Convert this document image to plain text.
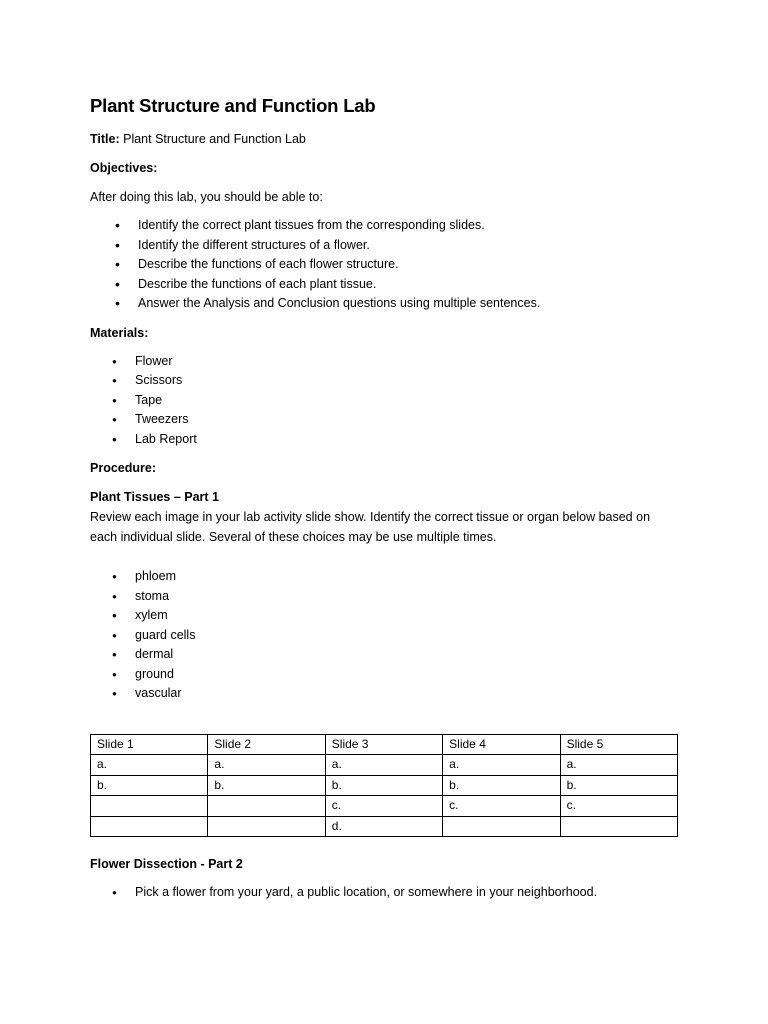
Plant Structure and Function Lab

Title: Plant Structure and Function Lab

Objectives:

After doing this lab, you should be able to:

• Identify the correct plant tissues from the corresponding slides.
• Identify the different structures of a flower.
• Describe the functions of each flower structure.
• Describe the functions of each plant tissue.
• Answer the Analysis and Conclusion questions using multiple sentences.

Materials:

● Flower
● Scissors
● Tape
● Tweezers
● Lab Report

Procedure:

Plant Tissues – Part 1

Review each image in your lab activity slide show. Identify the correct tissue or organ below based on each individual slide. Several of these choices may be use multiple times.

● phloem
● stoma
● xylem
● guard cells
● dermal
● ground
● vascular
Slide 1	Slide 2	Slide 3	Slide 4	Slide 5
a.	a.	a.	a.	a.
b.	b.	b.	b.	b.
		c.	c.	c.
		d.		

Flower Dissection - Part 2

● Pick a flower from your yard, a public location, or somewhere in your neighborhood.
